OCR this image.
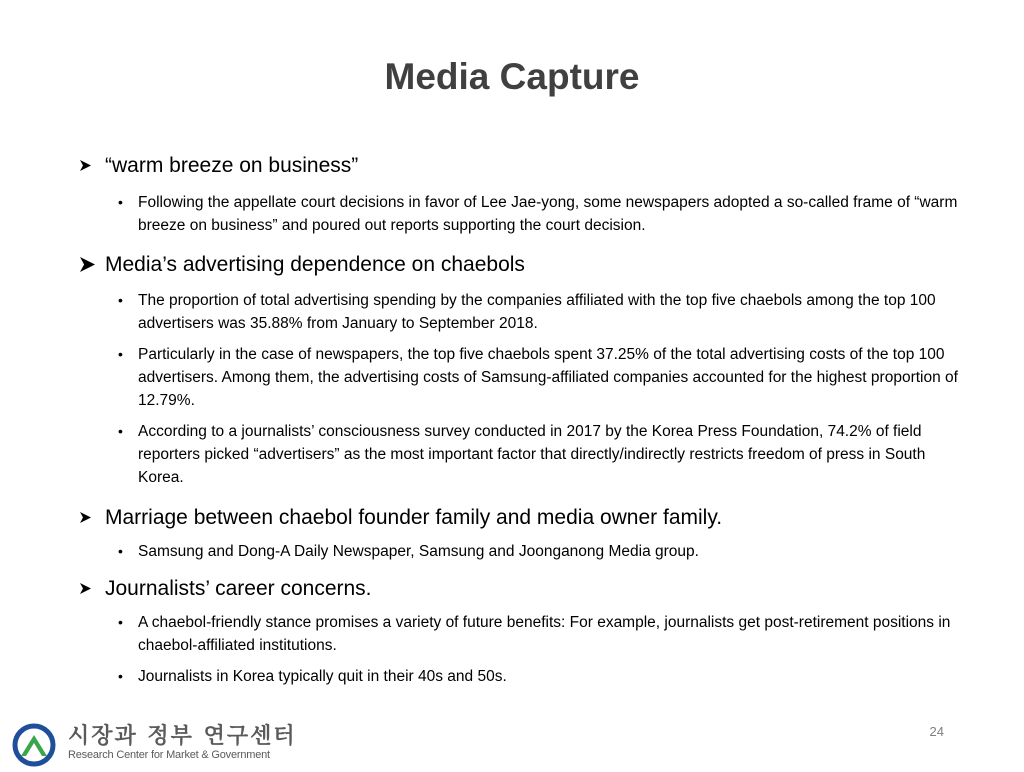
Media Capture
“warm breeze on business”
• Following the appellate court decisions in favor of Lee Jae-yong, some newspapers adopted a so-called frame of “warm breeze on business” and poured out reports supporting the court decision.
Media’s advertising dependence on chaebols
• The proportion of total advertising spending by the companies affiliated with the top five chaebols among the top 100 advertisers was 35.88% from January to September 2018.
• Particularly in the case of newspapers, the top five chaebols spent 37.25% of the total advertising costs of the top 100 advertisers. Among them, the advertising costs of Samsung-affiliated companies accounted for the highest proportion of 12.79%.
• According to a journalists’ consciousness survey conducted in 2017 by the Korea Press Foundation, 74.2% of field reporters picked “advertisers” as the most important factor that directly/indirectly restricts freedom of press in South Korea.
Marriage between chaebol founder family and media owner family.
• Samsung and Dong-A Daily Newspaper, Samsung and Joonganong Media group.
Journalists’ career concerns.
• A chaebol-friendly stance promises a variety of future benefits: For example, journalists get post-retirement positions in chaebol-affiliated institutions.
• Journalists in Korea typically quit in their 40s and 50s.
시장과 정부 연구센터
Research Center for Market & Government
24
